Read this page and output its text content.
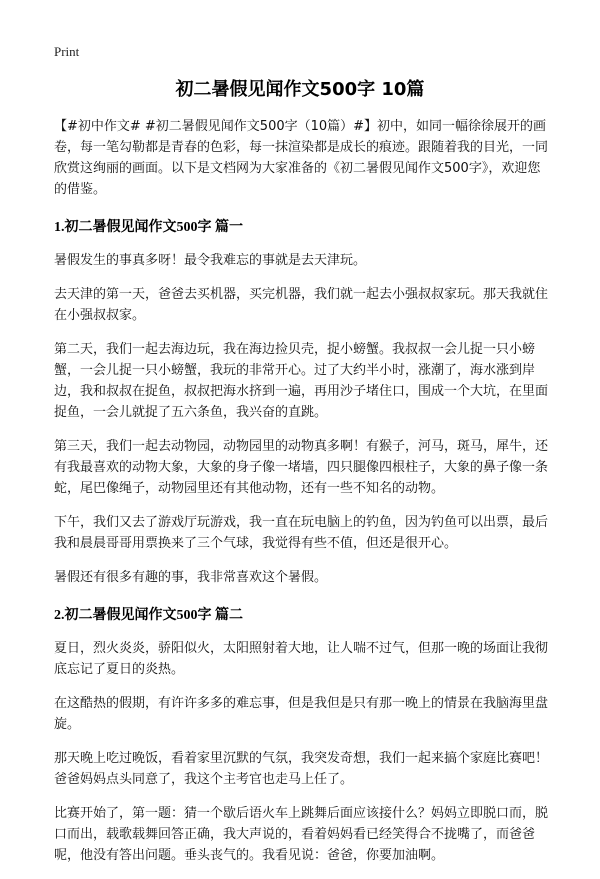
Print
初二暑假见闻作文500字 10篇

【#初中作文# #初二暑假见闻作文500字（10篇）#】初中，如同一幅徐徐展开的画卷，每一笔勾勒都是青春的色彩，每一抹渲染都是成长的痕迹。跟随着我的目光，一同欣赏这绚丽的画面。以下是文档网为大家准备的《初二暑假见闻作文500字》，欢迎您的借鉴。

1.初二暑假见闻作文500字 篇一

暑假发生的事真多呀！最令我难忘的事就是去天津玩。

去天津的第一天，爸爸去买机器，买完机器，我们就一起去小强叔叔家玩。那天我就住在小强叔叔家。

第二天，我们一起去海边玩，我在海边捡贝壳，捉小螃蟹。我叔叔一会儿捉一只小螃蟹，一会儿捉一只小螃蟹，我玩的非常开心。过了大约半小时，涨潮了，海水涨到岸边，我和叔叔在捉鱼，叔叔把海水挤到一遍，再用沙子堵住口，围成一个大坑，在里面捉鱼，一会儿就捉了五六条鱼，我兴奋的直跳。

第三天，我们一起去动物园，动物园里的动物真多啊！有猴子，河马，斑马，犀牛，还有我最喜欢的动物大象，大象的身子像一堵墙，四只腿像四根柱子，大象的鼻子像一条蛇，尾巴像绳子，动物园里还有其他动物，还有一些不知名的动物。

下午，我们又去了游戏厅玩游戏，我一直在玩电脑上的钓鱼，因为钓鱼可以出票，最后我和晨晨哥哥用票换来了三个气球，我觉得有些不值，但还是很开心。

暑假还有很多有趣的事，我非常喜欢这个暑假。

2.初二暑假见闻作文500字 篇二

夏日，烈火炎炎，骄阳似火，太阳照射着大地，让人喘不过气，但那一晚的场面让我彻底忘记了夏日的炎热。

在这酷热的假期，有许许多多的难忘事，但是我但是只有那一晚上的情景在我脑海里盘旋。

那天晚上吃过晚饭，看着家里沉默的气氛，我突发奇想，我们一起来搞个家庭比赛吧！爸爸妈妈点头同意了，我这个主考官也走马上任了。

比赛开始了，第一题：猜一个歇后语火车上跳舞后面应该接什么？妈妈立即脱口而，脱口而出，载歌载舞回答正确，我大声说的，看着妈妈看已经笑得合不拢嘴了，而爸爸呢，他没有答出问题。垂头丧气的。我看见说：爸爸，你要加油啊。
